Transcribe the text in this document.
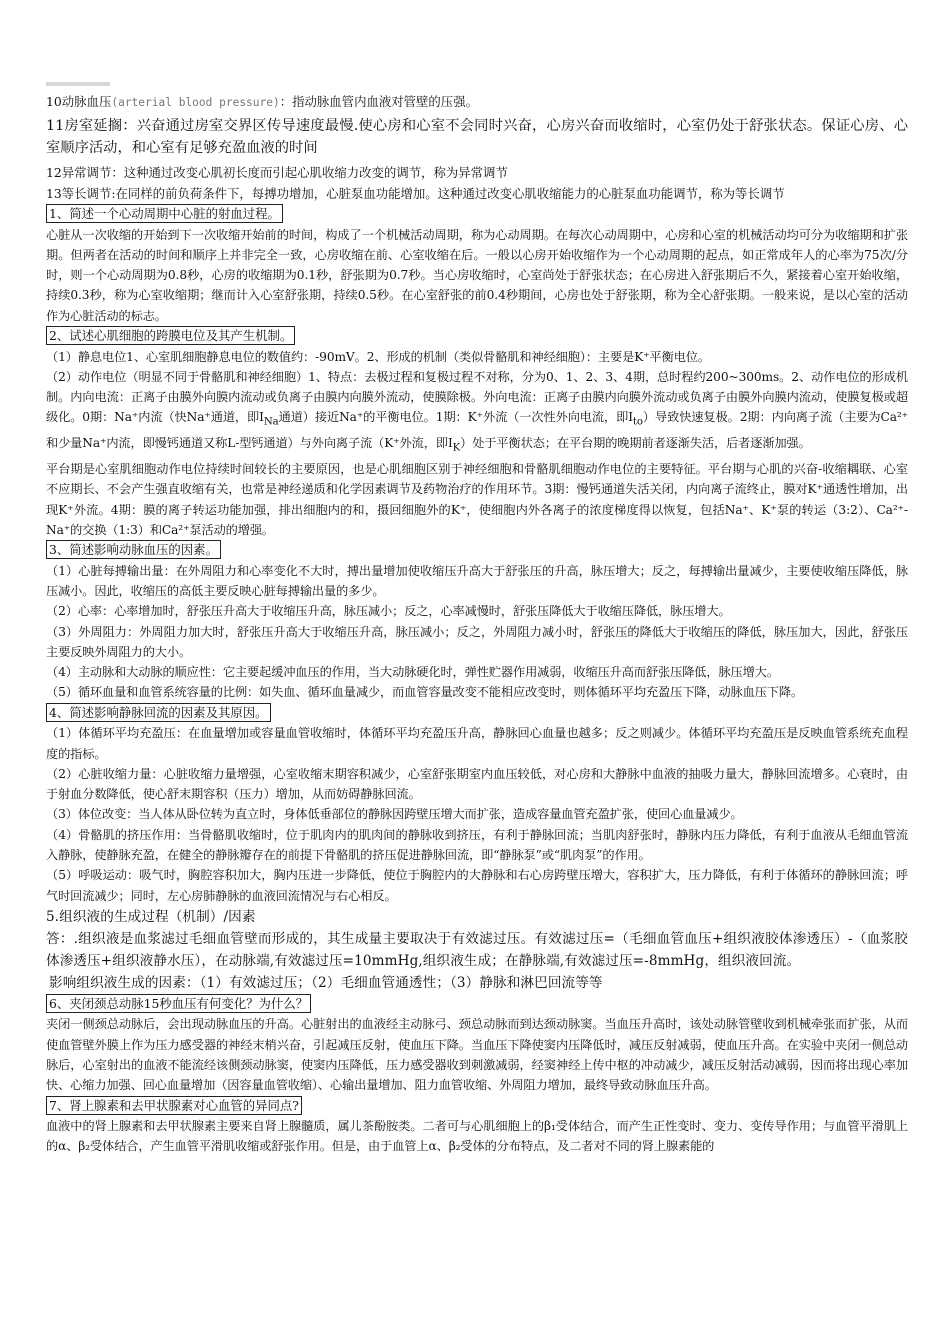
10动脉血压(arterial blood pressure)：指动脉血管内血液对管壁的压强。

11房室延搁：兴奋通过房室交界区传导速度最慢.使心房和心室不会同时兴奋，心房兴奋而收缩时，心室仍处于舒张状态。保证心房、心室顺序活动，和心室有足够充盈血液的时间

12异常调节：这种通过改变心肌初长度而引起心肌收缩力改变的调节，称为异常调节

13等长调节:在同样的前负荷条件下，每搏功增加，心脏泵血功能增加。这种通过改变心肌收缩能力的心脏泵血功能调节，称为等长调节

1、简述一个心动周期中心脏的射血过程。

心脏从一次收缩的开始到下一次收缩开始前的时间，构成了一个机械活动周期，称为心动周期。在每次心动周期中，心房和心室的机械活动均可分为收缩期和扩张期。但两者在活动的时间和顺序上并非完全一致，心房收缩在前、心室收缩在后。一般以心房开始收缩作为一个心动周期的起点，如正常成年人的心率为75次/分时，则一个心动周期为0.8秒，心房的收缩期为0.1秒，舒张期为0.7秒。当心房收缩时，心室尚处于舒张状态；在心房进入舒张期后不久，紧接着心室开始收缩，持续0.3秒，称为心室收缩期；继而计入心室舒张期，持续0.5秒。在心室舒张的前0.4秒期间，心房也处于舒张期，称为全心舒张期。一般来说，是以心室的活动作为心脏活动的标志。

2、试述心肌细胞的跨膜电位及其产生机制。

（1）静息电位1、心室肌细胞静息电位的数值约：-90mV。2、形成的机制（类似骨骼肌和神经细胞）：主要是K⁺平衡电位。

（2）动作电位（明显不同于骨骼肌和神经细胞）1、特点：去极过程和复极过程不对称，分为0、1、2、3、4期，总时程约200~300ms。2、动作电位的形成机制。内向电流：正离子由膜外向膜内流动或负离子由膜内向膜外流动，使膜除极。外向电流：正离子由膜内向膜外流动或负离子由膜外向膜内流动，使膜复极或超级化。0期：Na⁺内流（快Na⁺通道，即$I_{Na}$通道）接近Na⁺的平衡电位。1期：K⁺外流（一次性外向电流，即$I_{to}$）导致快速复极。2期：内向离子流（主要为Ca²⁺和少量Na⁺内流，即慢钙通道又称L-型钙通道）与外向离子流（K⁺外流，即$I_K$）处于平衡状态；在平台期的晚期前者逐渐失活，后者逐渐加强。

平台期是心室肌细胞动作电位持续时间较长的主要原因，也是心肌细胞区别于神经细胞和骨骼肌细胞动作电位的主要特征。平台期与心肌的兴奋-收缩耦联、心室不应期长、不会产生强直收缩有关，也常是神经递质和化学因素调节及药物治疗的作用环节。3期：慢钙通道失活关闭，内向离子流终止，膜对K⁺通透性增加，出现K⁺外流。4期：膜的离子转运功能加强，排出细胞内的和，摄回细胞外的K⁺，使细胞内外各离子的浓度梯度得以恢复，包括Na⁺、K⁺泵的转运（3:2）、Ca²⁺-Na⁺的交换（1:3）和Ca²⁺泵活动的增强。

3、简述影响动脉血压的因素。

（1）心脏每搏输出量：在外周阻力和心率变化不大时，搏出量增加使收缩压升高大于舒张压的升高，脉压增大；反之，每搏输出量减少，主要使收缩压降低，脉压减小。因此，收缩压的高低主要反映心脏每搏输出量的多少。

（2）心率：心率增加时，舒张压升高大于收缩压升高，脉压减小；反之，心率减慢时，舒张压降低大于收缩压降低，脉压增大。

（3）外周阻力：外周阻力加大时，舒张压升高大于收缩压升高，脉压减小；反之，外周阻力减小时，舒张压的降低大于收缩压的降低，脉压加大，因此，舒张压主要反映外周阻力的大小。

（4）主动脉和大动脉的顺应性：它主要起缓冲血压的作用，当大动脉硬化时，弹性贮器作用减弱，收缩压升高而舒张压降低，脉压增大。

（5）循环血量和血管系统容量的比例：如失血、循环血量减少，而血管容量改变不能相应改变时，则体循环平均充盈压下降，动脉血压下降。

4、简述影响静脉回流的因素及其原因。

（1）体循环平均充盈压：在血量增加或容量血管收缩时，体循环平均充盈压升高，静脉回心血量也越多；反之则减少。体循环平均充盈压是反映血管系统充血程度的指标。

（2）心脏收缩力量：心脏收缩力量增强，心室收缩末期容积减少，心室舒张期室内血压较低，对心房和大静脉中血液的抽吸力量大，静脉回流增多。心衰时，由于射血分数降低，使心舒末期容积（压力）增加，从而妨碍静脉回流。

（3）体位改变：当人体从卧位转为直立时，身体低垂部位的静脉因跨壁压增大而扩张，造成容量血管充盈扩张，使回心血量减少。

（4）骨骼肌的挤压作用：当骨骼肌收缩时，位于肌肉内的肌肉间的静脉收到挤压，有利于静脉回流；当肌肉舒张时，静脉内压力降低，有利于血液从毛细血管流入静脉，使静脉充盈，在健全的静脉瓣存在的前提下骨骼肌的挤压促进静脉回流，即“静脉泵”或“肌肉泵”的作用。

（5）呼吸运动：吸气时，胸腔容积加大，胸内压进一步降低，使位于胸腔内的大静脉和右心房跨壁压增大，容积扩大，压力降低，有利于体循环的静脉回流；呼气时回流减少；同时，左心房肺静脉的血液回流情况与右心相反。

5.组织液的生成过程（机制）/因素

答：.组织液是血浆滤过毛细血管壁而形成的，其生成量主要取决于有效滤过压。有效滤过压=（毛细血管血压+组织液胶体渗透压）-（血浆胶体渗透压+组织液静水压），在动脉端,有效滤过压=10mmHg,组织液生成；在静脉端,有效滤过压=-8mmHg，组织液回流。

影响组织液生成的因素：（1）有效滤过压；（2）毛细血管通透性；（3）静脉和淋巴回流等等

6、夹闭颈总动脉15秒血压有何变化？为什么？

夹闭一侧颈总动脉后，会出现动脉血压的升高。心脏射出的血液经主动脉弓、颈总动脉而到达颈动脉窦。当血压升高时，该处动脉管壁收到机械牵张而扩张，从而使血管壁外膜上作为压力感受器的神经末梢兴奋，引起减压反射，使血压下降。当血压下降使窦内压降低时，减压反射减弱，使血压升高。在实验中夹闭一侧总动脉后，心室射出的血液不能流经该侧颈动脉窦，使窦内压降低，压力感受器收到刺激减弱，经窦神经上传中枢的冲动减少，减压反射活动减弱，因而将出现心率加快、心缩力加强、回心血量增加（因容量血管收缩）、心输出量增加、阻力血管收缩、外周阻力增加，最终导致动脉血压升高。

7、肾上腺素和去甲状腺素对心血管的异同点?

血液中的肾上腺素和去甲状腺素主要来自肾上腺髓质，属儿茶酚胺类。二者可与心肌细胞上的β₁受体结合，而产生正性变时、变力、变传导作用；与血管平滑肌上的α、β₂受体结合，产生血管平滑肌收缩或舒张作用。但是，由于血管上α、β₂受体的分布特点，及二者对不同的肾上腺素能的
